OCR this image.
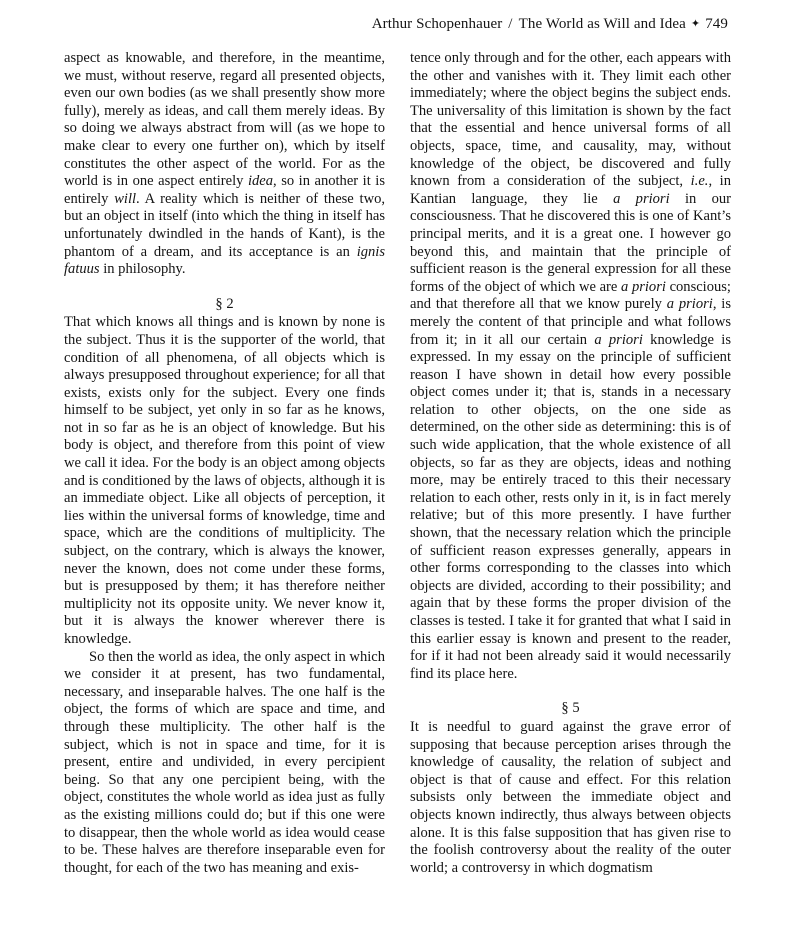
Arthur Schopenhauer / The World as Will and Idea ✦ 749

aspect as knowable, and therefore, in the meantime, we must, without reserve, regard all presented objects, even our own bodies (as we shall presently show more fully), merely as ideas, and call them merely ideas. By so doing we always abstract from will (as we hope to make clear to every one further on), which by itself constitutes the other aspect of the world. For as the world is in one aspect entirely idea, so in another it is entirely will. A reality which is neither of these two, but an object in itself (into which the thing in itself has unfortunately dwindled in the hands of Kant), is the phantom of a dream, and its acceptance is an ignis fatuus in philosophy.

§ 2

That which knows all things and is known by none is the subject. Thus it is the supporter of the world, that condition of all phenomena, of all objects which is always presupposed throughout experience; for all that exists, exists only for the subject. Every one finds himself to be subject, yet only in so far as he knows, not in so far as he is an object of knowledge. But his body is object, and therefore from this point of view we call it idea. For the body is an object among objects and is conditioned by the laws of objects, although it is an immediate object. Like all objects of perception, it lies within the universal forms of knowledge, time and space, which are the conditions of multiplicity. The subject, on the contrary, which is always the knower, never the known, does not come under these forms, but is presupposed by them; it has therefore neither multiplicity not its opposite unity. We never know it, but it is always the knower wherever there is knowledge.

So then the world as idea, the only aspect in which we consider it at present, has two fundamental, necessary, and inseparable halves. The one half is the object, the forms of which are space and time, and through these multiplicity. The other half is the subject, which is not in space and time, for it is present, entire and undivided, in every percipient being. So that any one percipient being, with the object, constitutes the whole world as idea just as fully as the existing millions could do; but if this one were to disappear, then the whole world as idea would cease to be. These halves are therefore inseparable even for thought, for each of the two has meaning and exis-

tence only through and for the other, each appears with the other and vanishes with it. They limit each other immediately; where the object begins the subject ends. The universality of this limitation is shown by the fact that the essential and hence universal forms of all objects, space, time, and causality, may, without knowledge of the object, be discovered and fully known from a consideration of the subject, i.e., in Kantian language, they lie a priori in our consciousness. That he discovered this is one of Kant’s principal merits, and it is a great one. I however go beyond this, and maintain that the principle of sufficient reason is the general expression for all these forms of the object of which we are a priori conscious; and that therefore all that we know purely a priori, is merely the content of that principle and what follows from it; in it all our certain a priori knowledge is expressed. In my essay on the principle of sufficient reason I have shown in detail how every possible object comes under it; that is, stands in a necessary relation to other objects, on the one side as determined, on the other side as determining: this is of such wide application, that the whole existence of all objects, so far as they are objects, ideas and nothing more, may be entirely traced to this their necessary relation to each other, rests only in it, is in fact merely relative; but of this more presently. I have further shown, that the necessary relation which the principle of sufficient reason expresses generally, appears in other forms corresponding to the classes into which objects are divided, according to their possibility; and again that by these forms the proper division of the classes is tested. I take it for granted that what I said in this earlier essay is known and present to the reader, for if it had not been already said it would necessarily find its place here.

§ 5

It is needful to guard against the grave error of supposing that because perception arises through the knowledge of causality, the relation of subject and object is that of cause and effect. For this relation subsists only between the immediate object and objects known indirectly, thus always between objects alone. It is this false supposition that has given rise to the foolish controversy about the reality of the outer world; a controversy in which dogmatism
